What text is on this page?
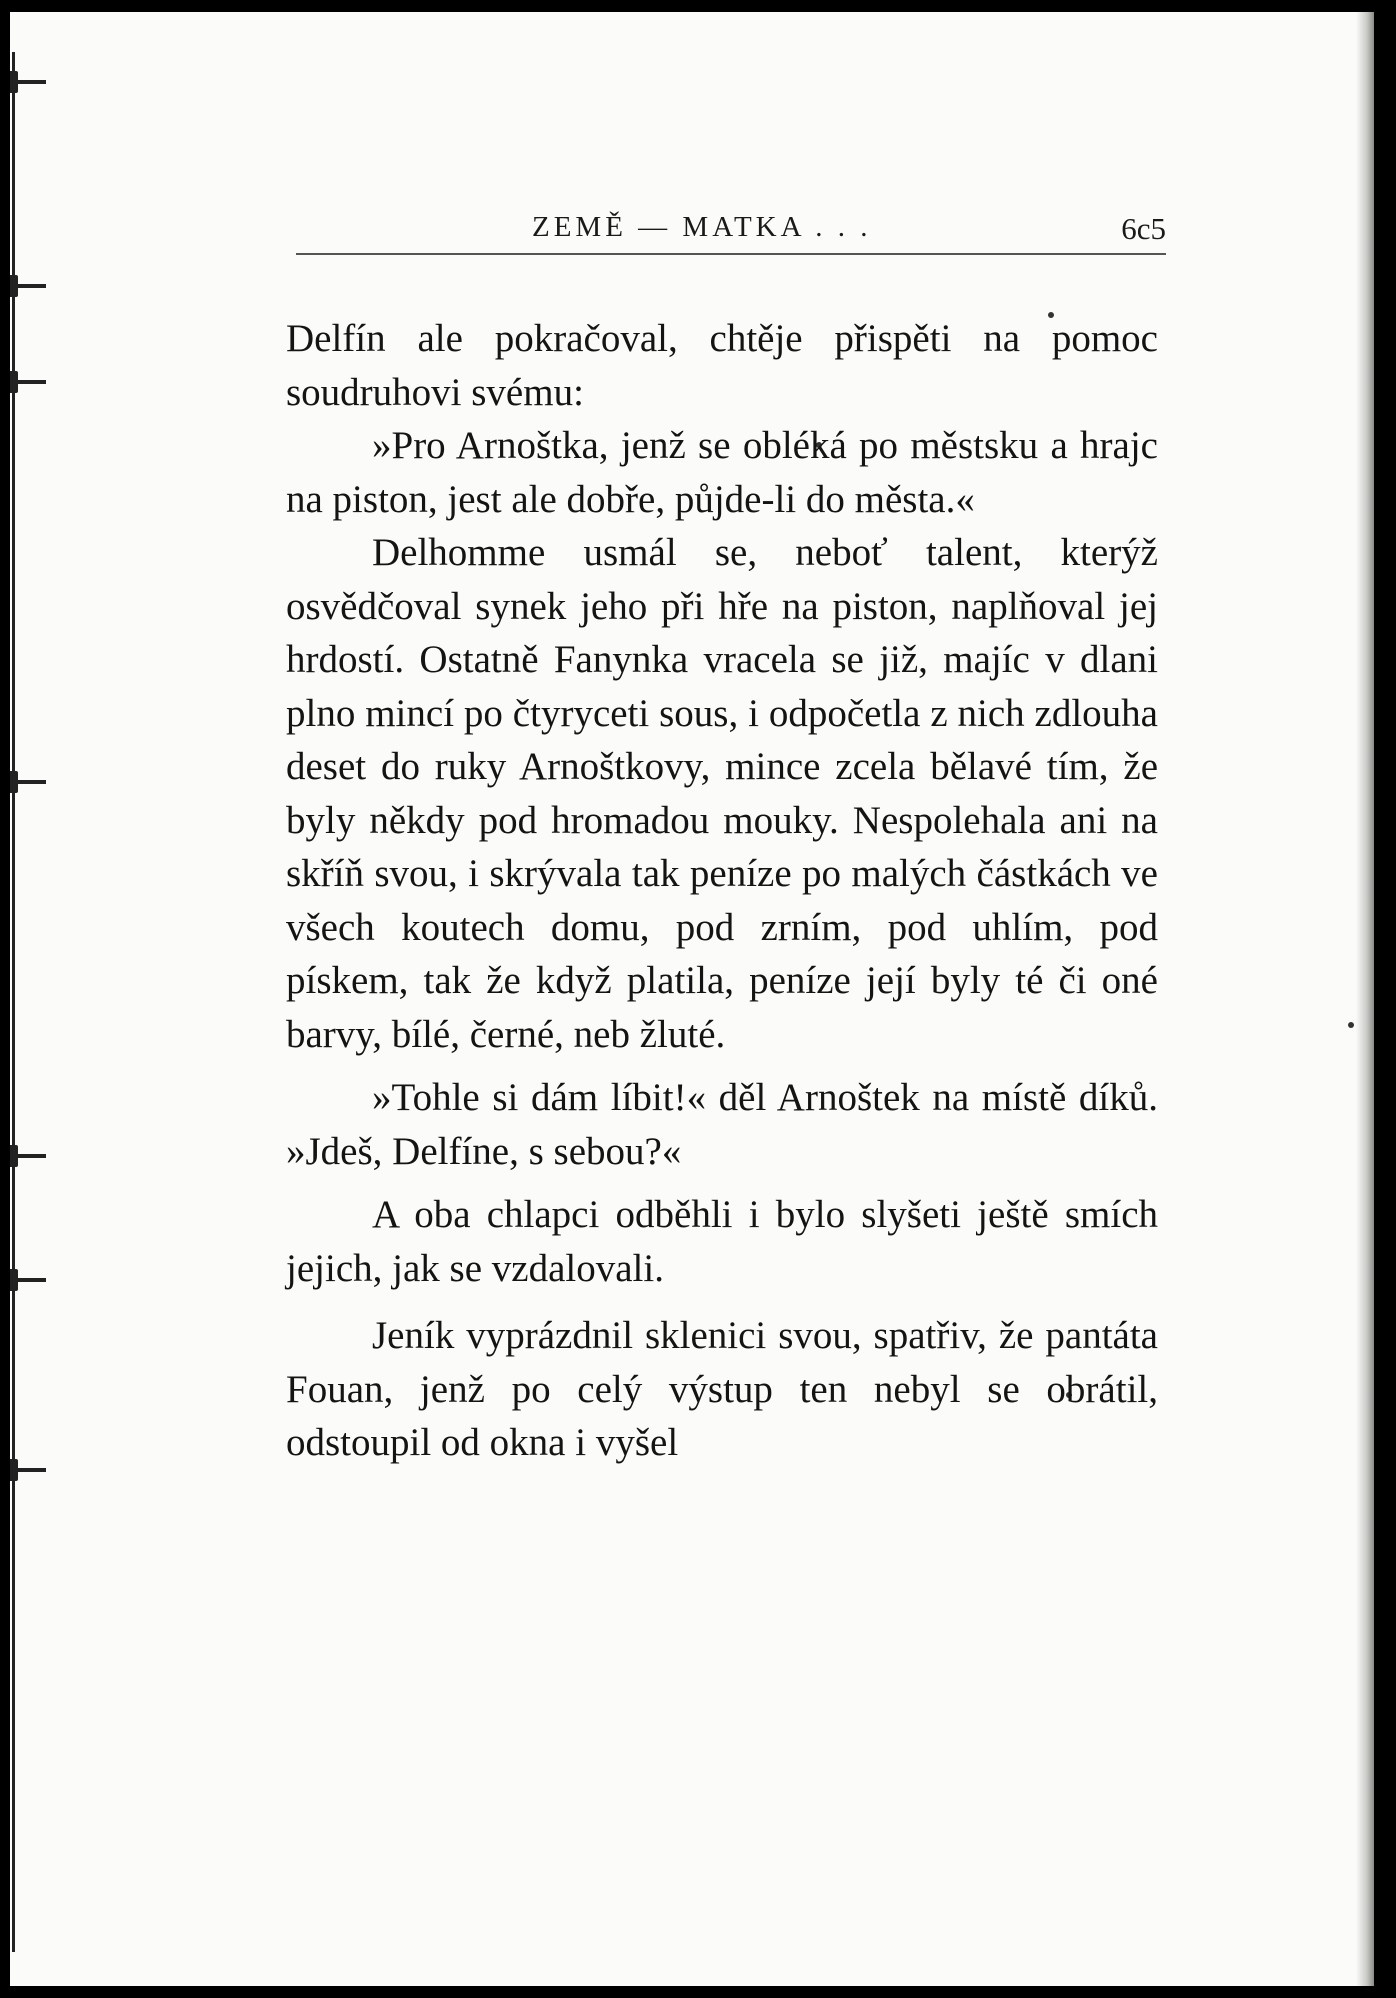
ZEMĚ — MATKA . . .	6c5

Delfín ale pokračoval, chtěje přispěti na pomoc soudruhovi svému:

»Pro Arnoštka, jenž se obléká po městsku a hrajc na piston, jest ale dobře, půjde-li do města.«

Delhomme usmál se, neboť talent, kterýž osvědčoval synek jeho při hře na piston, naplňoval jej hrdostí. Ostatně Fanynka vracela se již, majíc v dlani plno mincí po čtyryceti sous, i odpočetla z nich zdlouha deset do ruky Arnoštkovy, mince zcela bělavé tím, že byly někdy pod hromadou mouky. Nespolehala ani na skříň svou, i skrývala tak peníze po malých částkách ve všech koutech domu, pod zrním, pod uhlím, pod pískem, tak že když platila, peníze její byly té či oné barvy, bílé, černé, neb žluté.

»Tohle si dám líbit!« děl Arnoštek na místě díků. »Jdeš, Delfíne, s sebou?«

A oba chlapci odběhli i bylo slyšeti ještě smích jejich, jak se vzdalovali.

Jeník vyprázdnil sklenici svou, spatřiv, že pantáta Fouan, jenž po celý výstup ten nebyl se obrátil, odstoupil od okna i vyšel
